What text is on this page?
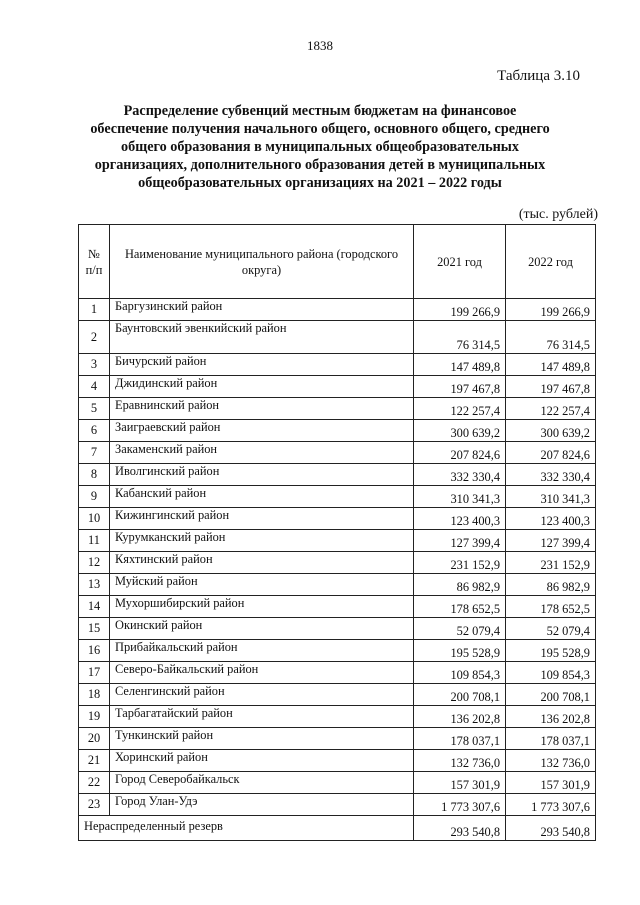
1838
Таблица 3.10
Распределение субвенций местным бюджетам на финансовое
обеспечение получения начального общего, основного общего, среднего
общего образования в муниципальных общеобразовательных
организациях, дополнительного образования детей в муниципальных
общеобразовательных организациях на 2021 – 2022 годы
(тыс. рублей)
№ п/п	Наименование муниципального района (городского округа)	2021 год	2022 год
1	Баргузинский район	199 266,9	199 266,9
2	Баунтовский эвенкийский район	76 314,5	76 314,5
3	Бичурский район	147 489,8	147 489,8
4	Джидинский район	197 467,8	197 467,8
5	Еравнинский район	122 257,4	122 257,4
6	Заиграевский район	300 639,2	300 639,2
7	Закаменский район	207 824,6	207 824,6
8	Иволгинский район	332 330,4	332 330,4
9	Кабанский район	310 341,3	310 341,3
10	Кижингинский район	123 400,3	123 400,3
11	Курумканский район	127 399,4	127 399,4
12	Кяхтинский район	231 152,9	231 152,9
13	Муйский район	86 982,9	86 982,9
14	Мухоршибирский район	178 652,5	178 652,5
15	Окинский район	52 079,4	52 079,4
16	Прибайкальский район	195 528,9	195 528,9
17	Северо-Байкальский район	109 854,3	109 854,3
18	Селенгинский район	200 708,1	200 708,1
19	Тарбагатайский район	136 202,8	136 202,8
20	Тункинский район	178 037,1	178 037,1
21	Хоринский район	132 736,0	132 736,0
22	Город Северобайкальск	157 301,9	157 301,9
23	Город Улан-Удэ	1 773 307,6	1 773 307,6
Нераспределенный резерв		293 540,8	293 540,8
